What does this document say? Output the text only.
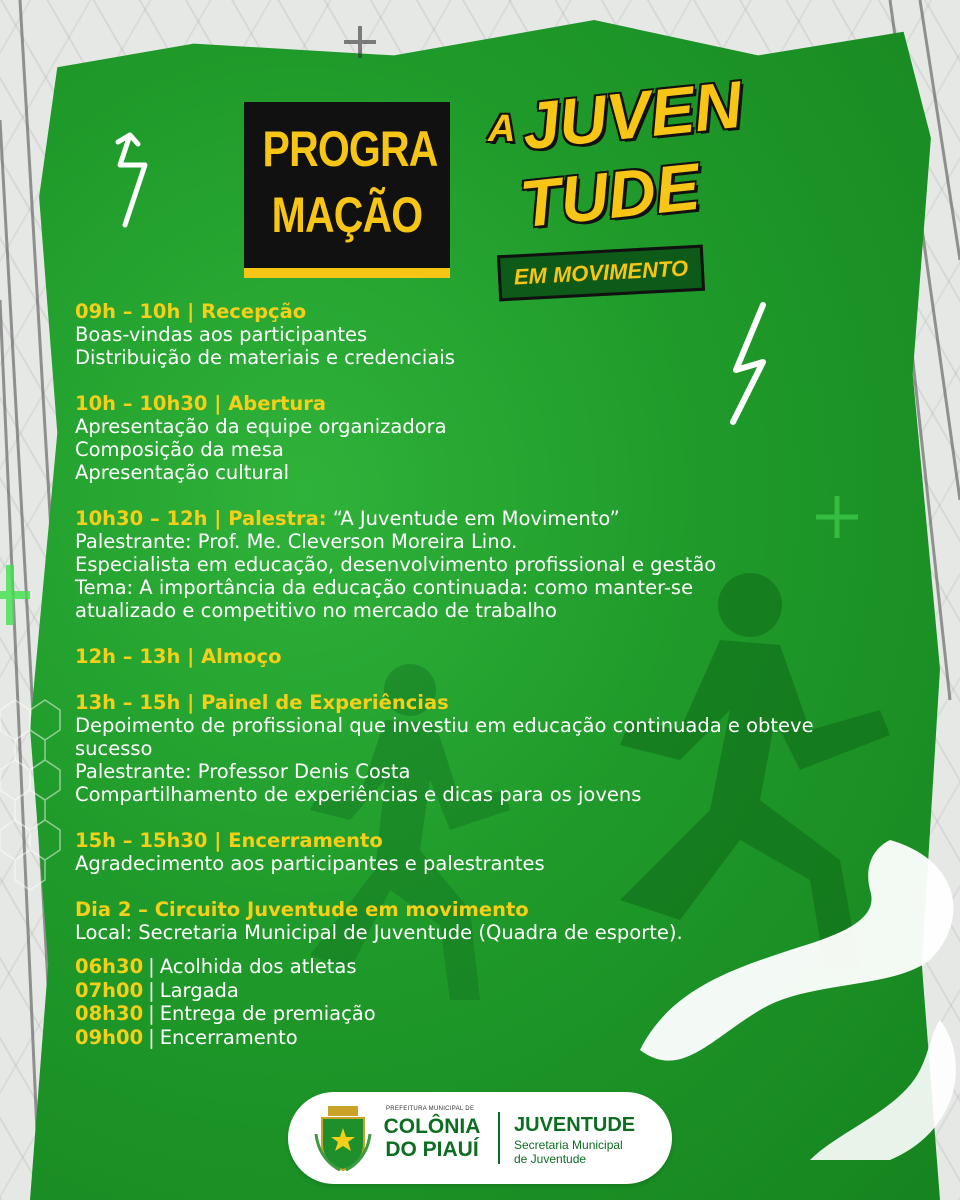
PROGRA
MAÇÃO
A JUVEN
TUDE
EM MOVIMENTO
09h – 10h | Recepção
Boas-vindas aos participantes
Distribuição de materiais e credenciais
10h – 10h30 | Abertura
Apresentação da equipe organizadora
Composição da mesa
Apresentação cultural
10h30 – 12h | Palestra: “A Juventude em Movimento”
Palestrante: Prof. Me. Cleverson Moreira Lino.
Especialista em educação, desenvolvimento profissional e gestão
Tema: A importância da educação continuada: como manter-se atualizado e competitivo no mercado de trabalho
12h – 13h | Almoço
13h – 15h | Painel de Experiências
Depoimento de profissional que investiu em educação continuada e obteve sucesso
Palestrante: Professor Denis Costa
Compartilhamento de experiências e dicas para os jovens
15h – 15h30 | Encerramento
Agradecimento aos participantes e palestrantes
Dia 2 – Circuito Juventude em movimento
Local: Secretaria Municipal de Juventude (Quadra de esporte).
06h30 | Acolhida dos atletas
07h00 | Largada
08h30 | Entrega de premiação
09h00 | Encerramento
PREFEITURA MUNICIPAL DE
COLÔNIA
DO PIAUÍ
JUVENTUDE
Secretaria Municipal
de Juventude
